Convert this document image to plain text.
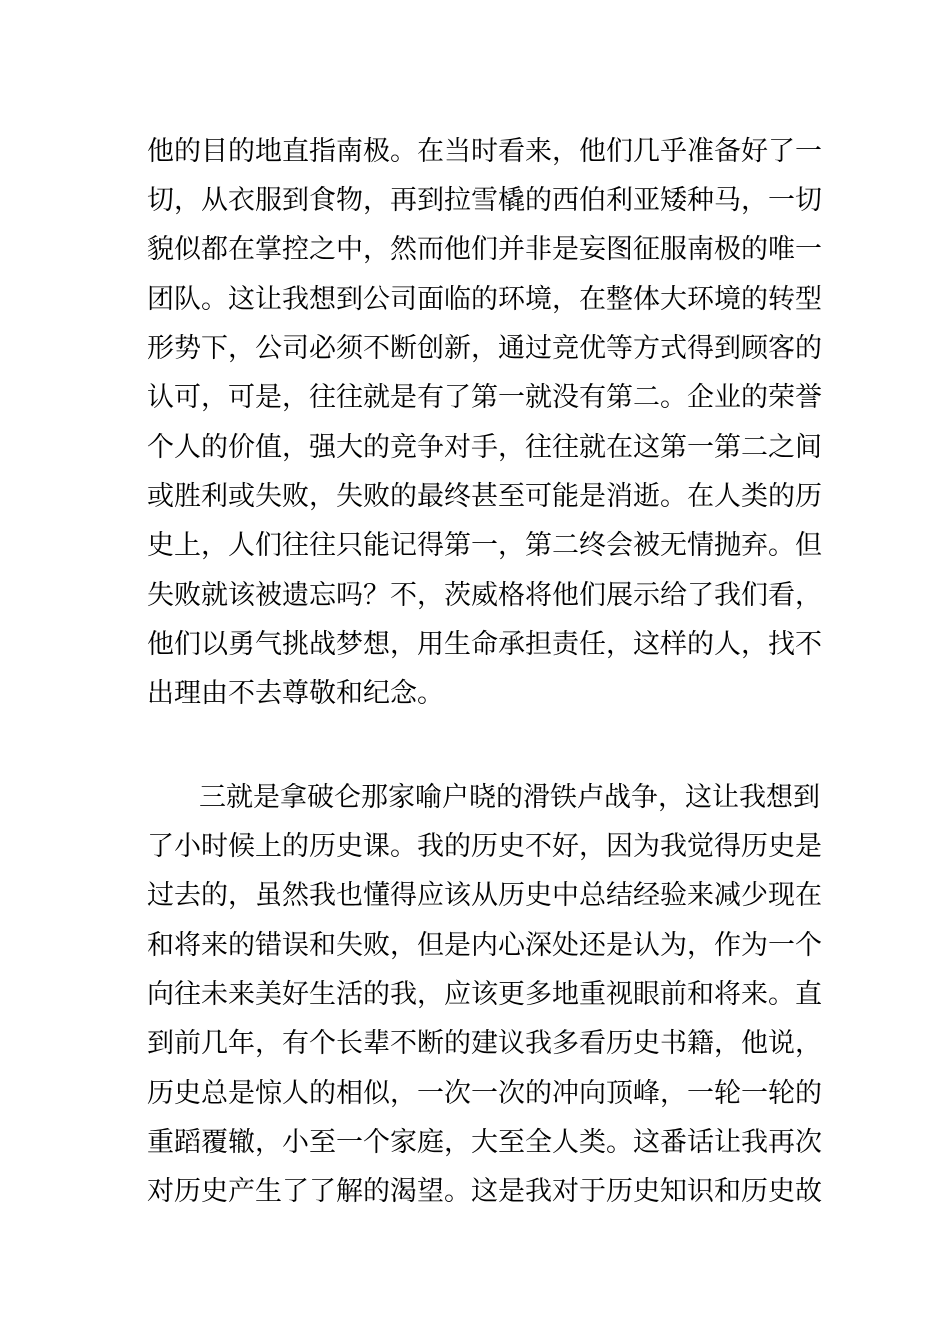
他的目的地直指南极。在当时看来，他们几乎准备好了一
切，从衣服到食物，再到拉雪橇的西伯利亚矮种马，一切
貌似都在掌控之中，然而他们并非是妄图征服南极的唯一
团队。这让我想到公司面临的环境，在整体大环境的转型
形势下，公司必须不断创新，通过竞优等方式得到顾客的
认可，可是，往往就是有了第一就没有第二。企业的荣誉
个人的价值，强大的竞争对手，往往就在这第一第二之间
或胜利或失败，失败的最终甚至可能是消逝。在人类的历
史上，人们往往只能记得第一，第二终会被无情抛弃。但
失败就该被遗忘吗？不，茨威格将他们展示给了我们看，
他们以勇气挑战梦想，用生命承担责任，这样的人，找不
出理由不去尊敬和纪念。
三就是拿破仑那家喻户晓的滑铁卢战争，这让我想到
了小时候上的历史课。我的历史不好，因为我觉得历史是
过去的，虽然我也懂得应该从历史中总结经验来减少现在
和将来的错误和失败，但是内心深处还是认为，作为一个
向往未来美好生活的我，应该更多地重视眼前和将来。直
到前几年，有个长辈不断的建议我多看历史书籍，他说，
历史总是惊人的相似，一次一次的冲向顶峰，一轮一轮的
重蹈覆辙，小至一个家庭，大至全人类。这番话让我再次
对历史产生了了解的渴望。这是我对于历史知识和历史故
